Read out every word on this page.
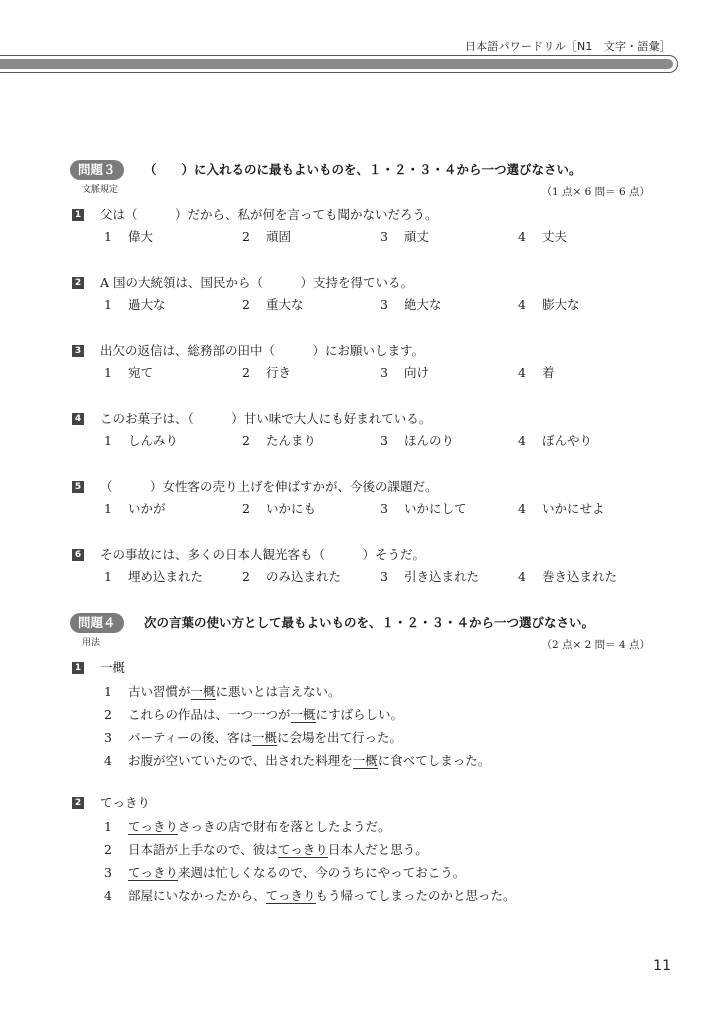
日本語パワードリル［N1　文字・語彙］
問題３	（　　）に入れるのに最もよいものを、１・２・３・４から一つ選びなさい。
文脈規定	（1 点× 6 問＝ 6 点）
1 父は（　　　）だから、私が何を言っても聞かないだろう。
1 偉大	2 頑固	3 頑丈	4 丈夫
2 A 国の大統領は、国民から（　　　）支持を得ている。
1 過大な	2 重大な	3 絶大な	4 膨大な
3 出欠の返信は、総務部の田中（　　　）にお願いします。
1 宛て	2 行き	3 向け	4 着
4 このお菓子は、（　　　）甘い味で大人にも好まれている。
1 しんみり	2 たんまり	3 ほんのり	4 ぼんやり
5 （　　　）女性客の売り上げを伸ばすかが、今後の課題だ。
1 いかが	2 いかにも	3 いかにして	4 いかにせよ
6 その事故には、多くの日本人観光客も（　　　）そうだ。
1 埋め込まれた	2 のみ込まれた	3 引き込まれた	4 巻き込まれた
問題４	次の言葉の使い方として最もよいものを、１・２・３・４から一つ選びなさい。
用法	（2 点× 2 問＝ 4 点）
1 一概
1 古い習慣が一概に悪いとは言えない。
2 これらの作品は、一つ一つが一概にすばらしい。
3 パーティーの後、客は一概に会場を出て行った。
4 お腹が空いていたので、出された料理を一概に食べてしまった。
2 てっきり
1 てっきりさっきの店で財布を落としたようだ。
2 日本語が上手なので、彼はてっきり日本人だと思う。
3 てっきり来週は忙しくなるので、今のうちにやっておこう。
4 部屋にいなかったから、てっきりもう帰ってしまったのかと思った。
11
